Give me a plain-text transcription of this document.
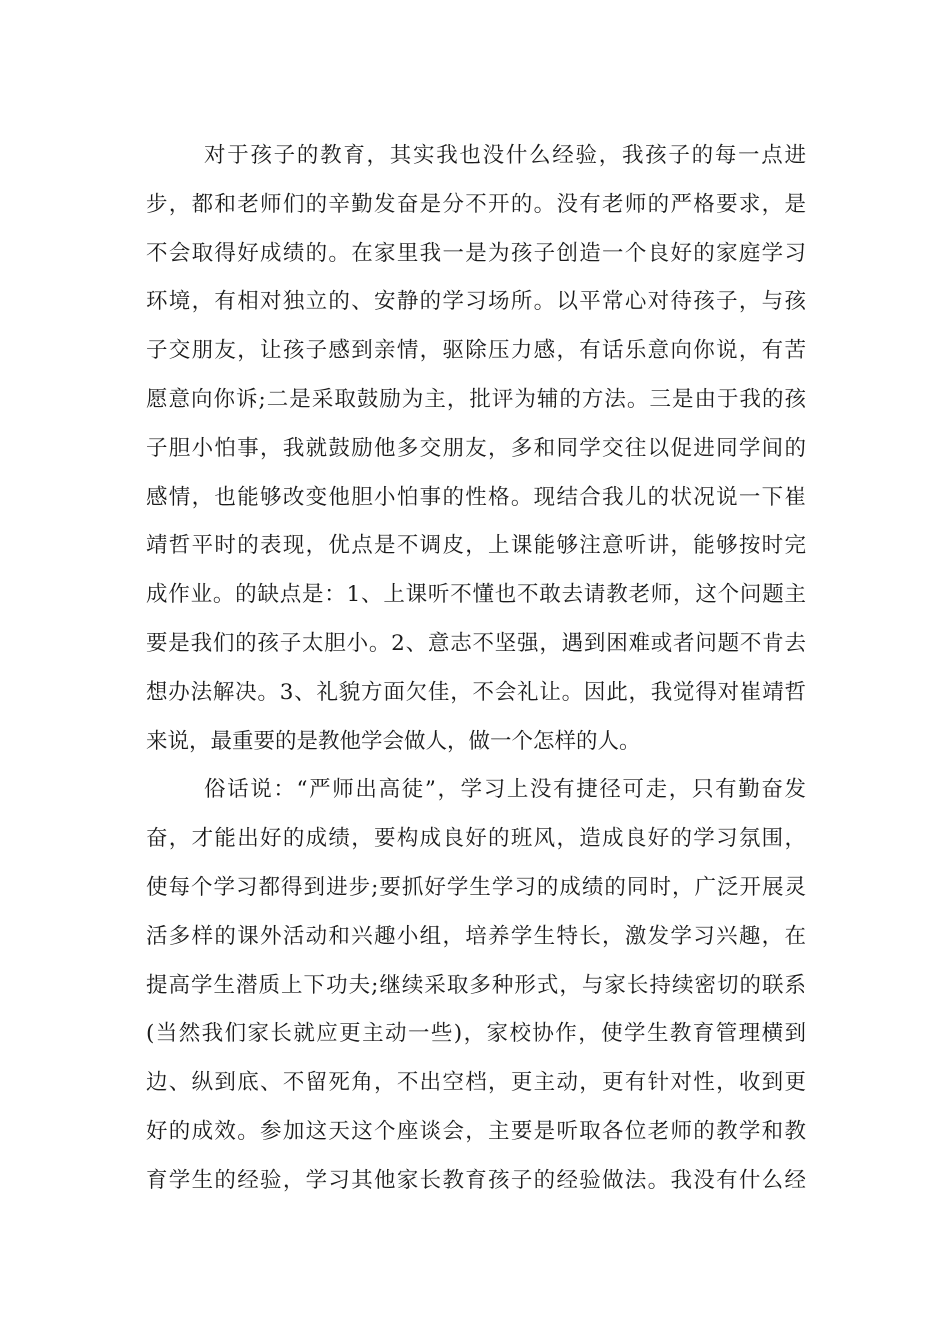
对于孩子的教育，其实我也没什么经验，我孩子的每一点进
步，都和老师们的辛勤发奋是分不开的。没有老师的严格要求，是
不会取得好成绩的。在家里我一是为孩子创造一个良好的家庭学习
环境，有相对独立的、安静的学习场所。以平常心对待孩子，与孩
子交朋友，让孩子感到亲情，驱除压力感，有话乐意向你说，有苦
愿意向你诉;二是采取鼓励为主，批评为辅的方法。三是由于我的孩
子胆小怕事，我就鼓励他多交朋友，多和同学交往以促进同学间的
感情，也能够改变他胆小怕事的性格。现结合我儿的状况说一下崔
靖哲平时的表现，优点是不调皮，上课能够注意听讲，能够按时完
成作业。的缺点是：1、上课听不懂也不敢去请教老师，这个问题主
要是我们的孩子太胆小。2、意志不坚强，遇到困难或者问题不肯去
想办法解决。3、礼貌方面欠佳，不会礼让。因此，我觉得对崔靖哲
来说，最重要的是教他学会做人，做一个怎样的人。
俗话说：“严师出高徒”，学习上没有捷径可走，只有勤奋发
奋，才能出好的成绩，要构成良好的班风，造成良好的学习氛围，
使每个学习都得到进步;要抓好学生学习的成绩的同时，广泛开展灵
活多样的课外活动和兴趣小组，培养学生特长，激发学习兴趣，在
提高学生潜质上下功夫;继续采取多种形式，与家长持续密切的联系
(当然我们家长就应更主动一些)，家校协作，使学生教育管理横到
边、纵到底、不留死角，不出空档，更主动，更有针对性，收到更
好的成效。参加这天这个座谈会，主要是听取各位老师的教学和教
育学生的经验，学习其他家长教育孩子的经验做法。我没有什么经
